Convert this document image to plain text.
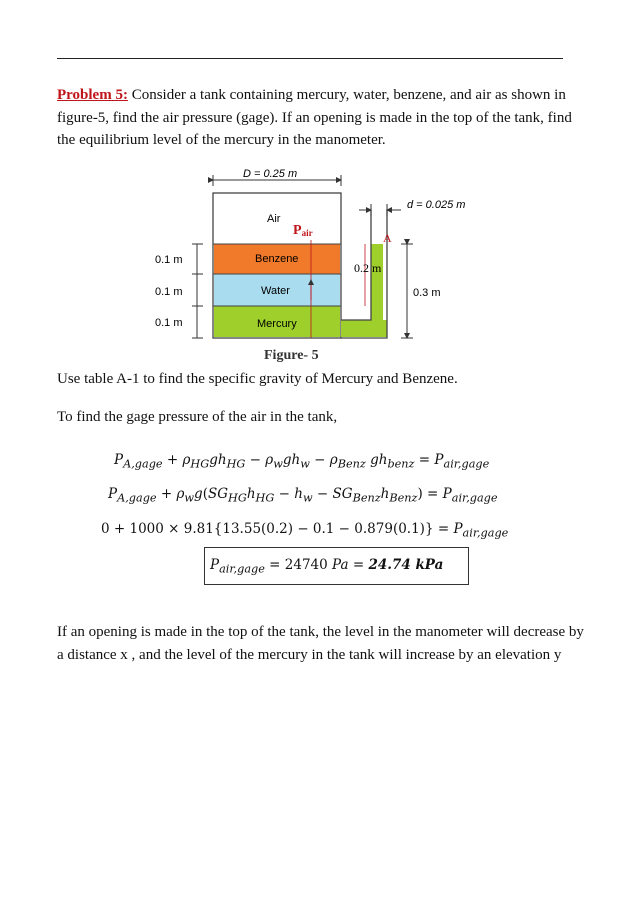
Problem 5: Consider a tank containing mercury, water, benzene, and air as shown in figure-5, find the air pressure (gage). If an opening is made in the top of the tank, find the equilibrium level of the mercury in the manometer.
D = 0.25 m
d = 0.025 m
Air
Pair
Benzene
Water
Mercury
0.1 m
0.1 m
0.1 m
0.2 m
A
0.3 m
Figure- 5
Use table A-1 to find the specific gravity of Mercury and Benzene.
To find the gage pressure of the air in the tank,
$P_{A,gage} + \rho_{HG}gh_{HG} - \rho_wgh_w - \rho_{Benz}$ $gh_{benz} = P_{air,gage}$
$P_{A,gage} + \rho_wg(SG_{HG}h_{HG} - h_w - SG_{Benz}h_{Benz}) = P_{air,gage}$
$0 + 1000 \times 9.81\{13.55(0.2) - 0.1 - 0.879(0.1)\} = P_{air,gage}$
$P_{air,gage} = 24740$ Pa = 24.74 kPa
If an opening is made in the top of the tank, the level in the manometer will decrease by a distance x , and the level of the mercury in the tank will increase by an elevation y
